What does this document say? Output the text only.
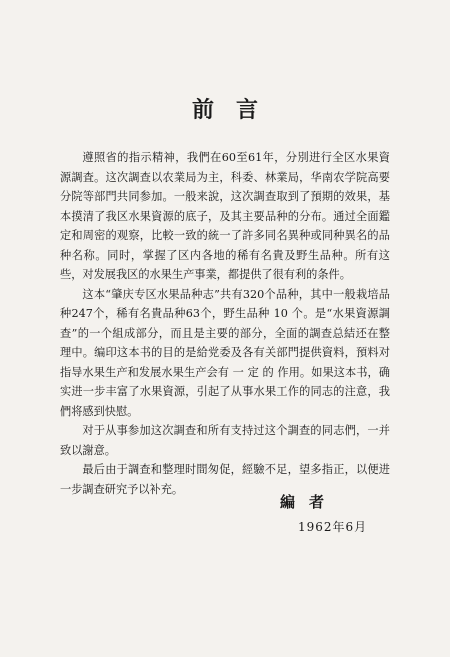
前言

遵照省的指示精神，我們在60至61年，分別进行全区水果資源調査。这次調查以农業局为主，科委、林業局，华南农学院高要分院等部門共同参加。一般来說，这次調查取到了預期的效果，基本摸清了我区水果資源的底子，及其主要品种的分布。通过全面鑑定和周密的观察，比較一致的統一了許多同名異种或同种異名的品种名称。同时，掌握了区内各地的稀有名貴及野生品种。所有这些，对发展我区的水果生产事業，都提供了很有利的条件。

这本“肇庆专区水果品种志”共有320个品种，其中一般栽培品种247个，稀有名貴品种63个，野生品种 10 个。是“水果資源調查”的一个組成部分，而且是主要的部分，全面的調查总結还在整理中。编印这本书的目的是給党委及各有关部門提供資料，預料对指导水果生产和发展水果生产会有 一 定 的 作用。如果这本书，确实进一步丰富了水果資源，引起了从事水果工作的同志的注意，我們将感到快慰。

对于从事参加这次調查和所有支持过这个調查的同志們，一并致以謝意。

最后由于調查和整理时間匆促，經驗不足，望多指正，以便进一步調查研究予以补充。

編者
1962年6月
